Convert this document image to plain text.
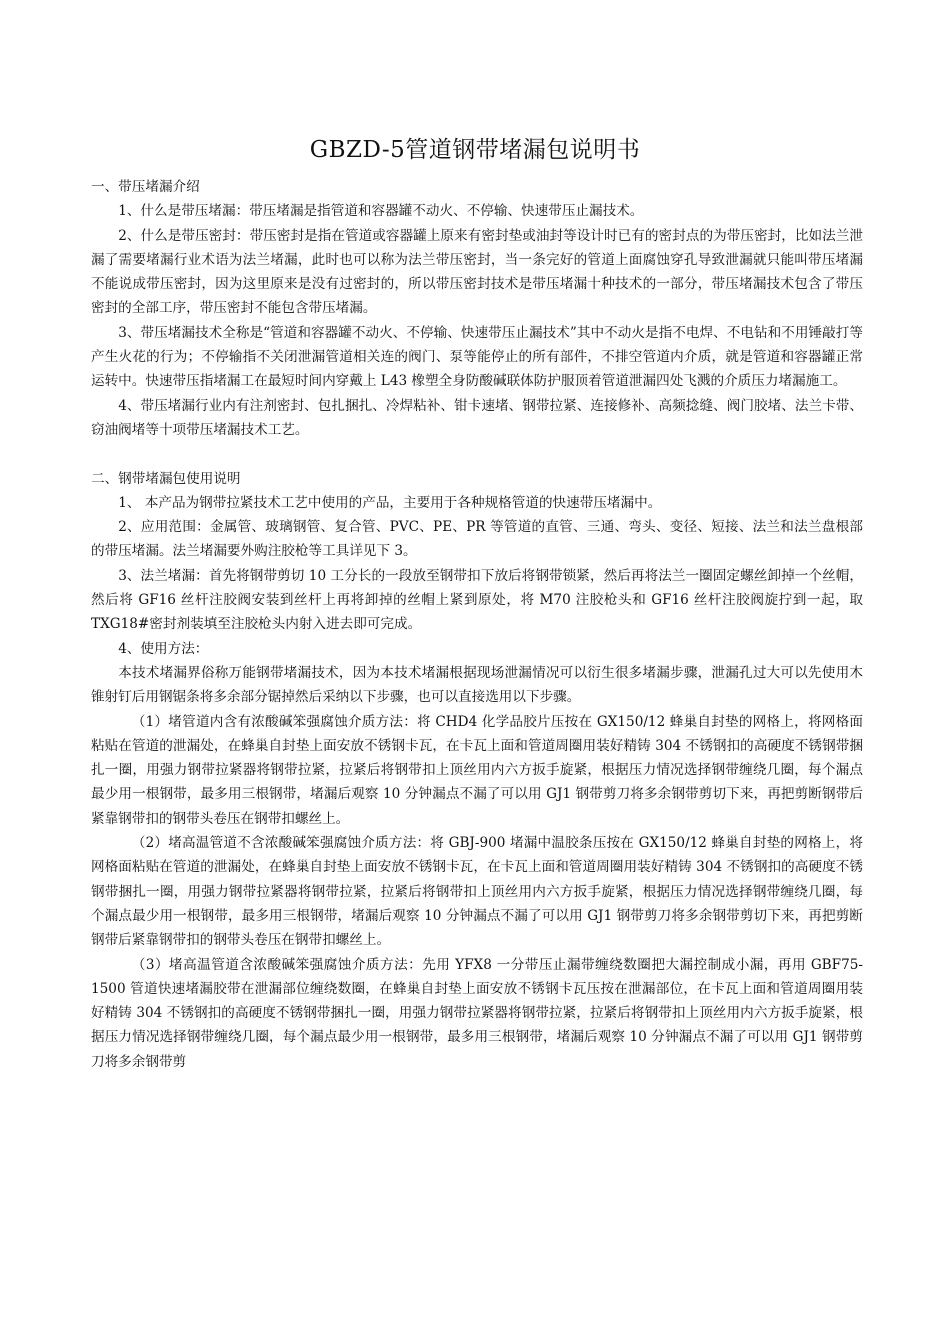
GBZD-5管道钢带堵漏包说明书

一、带压堵漏介绍

1、什么是带压堵漏：带压堵漏是指管道和容器罐不动火、不停输、快速带压止漏技术。

2、什么是带压密封：带压密封是指在管道或容器罐上原来有密封垫或油封等设计时已有的密封点的为带压密封，比如法兰泄漏了需要堵漏行业术语为法兰堵漏，此时也可以称为法兰带压密封，当一条完好的管道上面腐蚀穿孔导致泄漏就只能叫带压堵漏不能说成带压密封，因为这里原来是没有过密封的，所以带压密封技术是带压堵漏十种技术的一部分，带压堵漏技术包含了带压密封的全部工序，带压密封不能包含带压堵漏。

3、带压堵漏技术全称是“管道和容器罐不动火、不停输、快速带压止漏技术”其中不动火是指不电焊、不电钻和不用锤敲打等产生火花的行为；不停输指不关闭泄漏管道相关连的阀门、泵等能停止的所有部件，不排空管道内介质，就是管道和容器罐正常运转中。快速带压指堵漏工在最短时间内穿戴上 L43 橡塑全身防酸碱联体防护服顶着管道泄漏四处飞溅的介质压力堵漏施工。

4、带压堵漏行业内有注剂密封、包扎捆扎、冷焊粘补、钳卡速堵、钢带拉紧、连接修补、高频捻缝、阀门胶堵、法兰卡带、窃油阀堵等十项带压堵漏技术工艺。

二、钢带堵漏包使用说明

1、 本产品为钢带拉紧技术工艺中使用的产品，主要用于各种规格管道的快速带压堵漏中。

2、应用范围：金属管、玻璃钢管、复合管、PVC、PE、PR 等管道的直管、三通、弯头、变径、短接、法兰和法兰盘根部的带压堵漏。法兰堵漏要外购注胶枪等工具详见下 3。

3、法兰堵漏：首先将钢带剪切 10 工分长的一段放至钢带扣下放后将钢带锁紧，然后再将法兰一圈固定螺丝卸掉一个丝帽，然后将 GF16 丝杆注胶阀安装到丝杆上再将卸掉的丝帽上紧到原处，将 M70 注胶枪头和 GF16 丝杆注胶阀旋拧到一起，取 TXG18#密封剂装填至注胶枪头内射入进去即可完成。

4、使用方法：

本技术堵漏界俗称万能钢带堵漏技术，因为本技术堵漏根据现场泄漏情况可以衍生很多堵漏步骤，泄漏孔过大可以先使用木锥射钉后用钢锯条将多余部分锯掉然后采纳以下步骤，也可以直接选用以下步骤。

（1）堵管道内含有浓酸碱笨强腐蚀介质方法：将 CHD4 化学品胶片压按在 GX150/12 蜂巢自封垫的网格上，将网格面粘贴在管道的泄漏处，在蜂巢自封垫上面安放不锈钢卡瓦，在卡瓦上面和管道周圈用装好精铸 304 不锈钢扣的高硬度不锈钢带捆扎一圈，用强力钢带拉紧器将钢带拉紧，拉紧后将钢带扣上顶丝用内六方扳手旋紧，根据压力情况选择钢带缠绕几圈，每个漏点最少用一根钢带，最多用三根钢带，堵漏后观察 10 分钟漏点不漏了可以用 GJ1 钢带剪刀将多余钢带剪切下来，再把剪断钢带后紧靠钢带扣的钢带头卷压在钢带扣螺丝上。

（2）堵高温管道不含浓酸碱笨强腐蚀介质方法：将 GBJ-900 堵漏中温胶条压按在 GX150/12 蜂巢自封垫的网格上，将网格面粘贴在管道的泄漏处，在蜂巢自封垫上面安放不锈钢卡瓦，在卡瓦上面和管道周圈用装好精铸 304 不锈钢扣的高硬度不锈钢带捆扎一圈，用强力钢带拉紧器将钢带拉紧，拉紧后将钢带扣上顶丝用内六方扳手旋紧，根据压力情况选择钢带缠绕几圈，每个漏点最少用一根钢带，最多用三根钢带，堵漏后观察 10 分钟漏点不漏了可以用 GJ1 钢带剪刀将多余钢带剪切下来，再把剪断钢带后紧靠钢带扣的钢带头卷压在钢带扣螺丝上。

（3）堵高温管道含浓酸碱笨强腐蚀介质方法：先用 YFX8 一分带压止漏带缠绕数圈把大漏控制成小漏，再用 GBF75-1500 管道快速堵漏胶带在泄漏部位缠绕数圈，在蜂巢自封垫上面安放不锈钢卡瓦压按在泄漏部位，在卡瓦上面和管道周圈用装好精铸 304 不锈钢扣的高硬度不锈钢带捆扎一圈，用强力钢带拉紧器将钢带拉紧，拉紧后将钢带扣上顶丝用内六方扳手旋紧，根据压力情况选择钢带缠绕几圈，每个漏点最少用一根钢带，最多用三根钢带，堵漏后观察 10 分钟漏点不漏了可以用 GJ1 钢带剪刀将多余钢带剪
